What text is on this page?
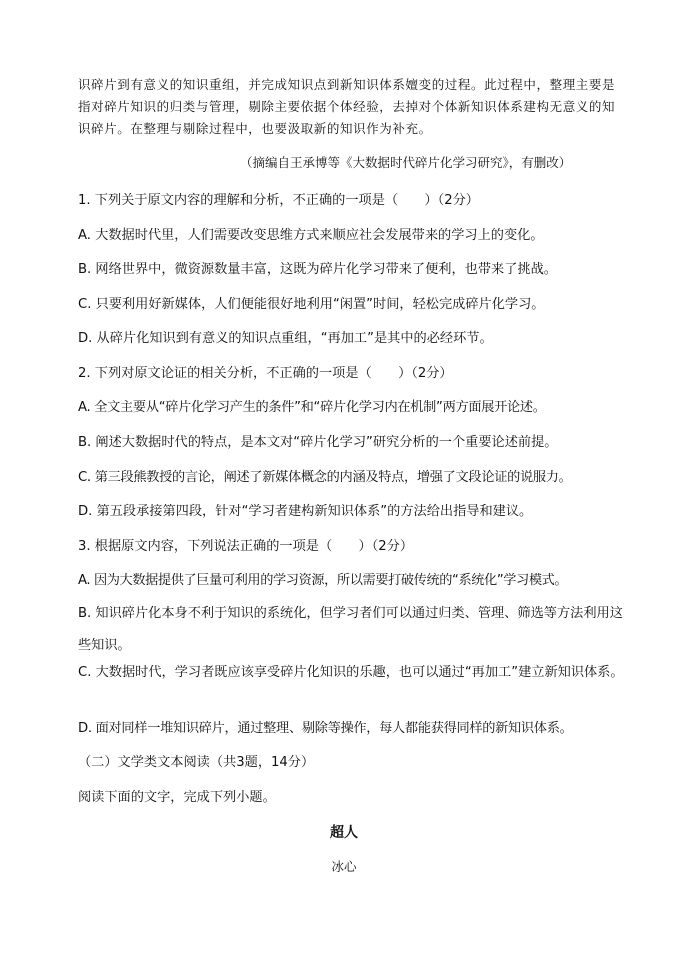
识碎片到有意义的知识重组，并完成知识点到新知识体系嬗变的过程。此过程中，整理主要是指对碎片知识的归类与管理，剔除主要依据个体经验，去掉对个体新知识体系建构无意义的知识碎片。在整理与剔除过程中，也要汲取新的知识作为补充。

（摘编自王承博等《大数据时代碎片化学习研究》，有删改）
1. 下列关于原文内容的理解和分析，不正确的一项是（　　）（2分）
A. 大数据时代里，人们需要改变思维方式来顺应社会发展带来的学习上的变化。
B. 网络世界中，微资源数量丰富，这既为碎片化学习带来了便利，也带来了挑战。
C. 只要利用好新媒体，人们便能很好地利用“闲置”时间，轻松完成碎片化学习。
D. 从碎片化知识到有意义的知识点重组，“再加工”是其中的必经环节。
2. 下列对原文论证的相关分析，不正确的一项是（　　）（2分）
A. 全文主要从“碎片化学习产生的条件”和“碎片化学习内在机制”两方面展开论述。
B. 阐述大数据时代的特点，是本文对“碎片化学习”研究分析的一个重要论述前提。
C. 第三段熊教授的言论，阐述了新媒体概念的内涵及特点，增强了文段论证的说服力。
D. 第五段承接第四段，针对“学习者建构新知识体系”的方法给出指导和建议。
3. 根据原文内容，下列说法正确的一项是（　　）（2分）
A. 因为大数据提供了巨量可利用的学习资源，所以需要打破传统的“系统化”学习模式。
B. 知识碎片化本身不利于知识的系统化，但学习者们可以通过归类、管理、筛选等方法利用这些知识。
C. 大数据时代，学习者既应该享受碎片化知识的乐趣，也可以通过“再加工”建立新知识体系。
D. 面对同样一堆知识碎片，通过整理、剔除等操作，每人都能获得同样的新知识体系。
（二）文学类文本阅读（共3题，14分）
阅读下面的文字，完成下列小题。
超人
冰心
